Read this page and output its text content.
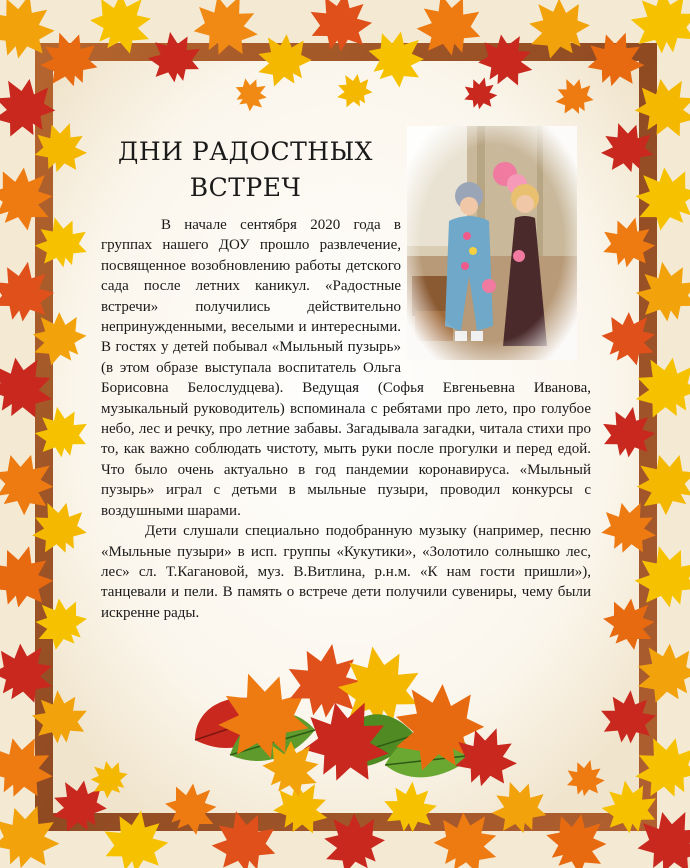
ДНИ РАДОСТНЫХ
ВСТРЕЧ

В начале сентября 2020 года в группах нашего ДОУ прошло развлечение, посвященное возобновлению работы детского сада после летних каникул. «Радостные встречи» получились действительно непринужденными, веселыми и интересными. В гостях у детей побывал «Мыльный пузырь» (в этом образе выступала воспитатель Ольга Борисовна Белослудцева). Ведущая (Софья Евгеньевна Иванова, музыкальный руководитель) вспоминала с ребятами про лето, про голубое небо, лес и речку, про летние забавы. Загадывала загадки, читала стихи про то, как важно соблюдать чистоту, мыть руки после прогулки и перед едой. Что было очень актуально в год пандемии коронавируса. «Мыльный пузырь» играл с детьми в мыльные пузыри, проводил конкурсы с воздушными шарами.

Дети слушали специально подобранную музыку (например, песню «Мыльные пузыри» в исп. группы «Кукутики», «Золотило солнышко лес, лес» сл. Т.Кагановой, муз. В.Витлина, р.н.м. «К нам гости пришли»), танцевали и пели. В память о встрече дети получили сувениры, чему были искренне рады.
